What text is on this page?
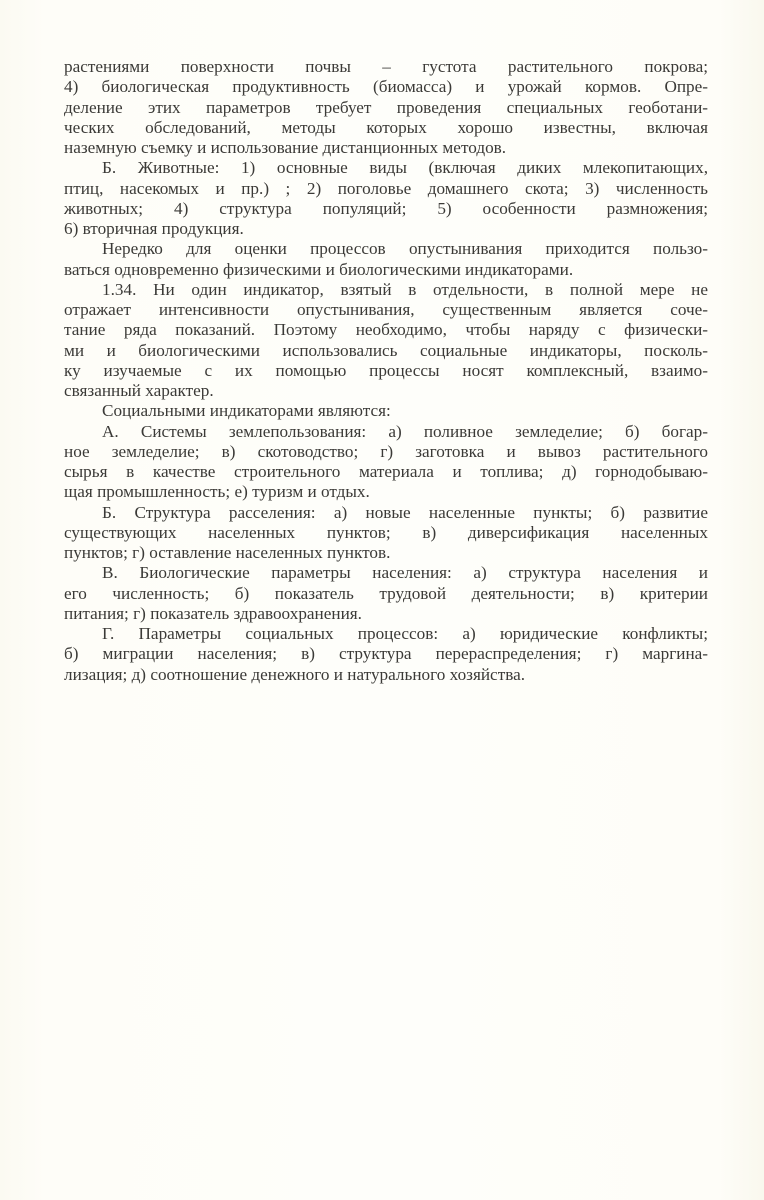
растениями поверхности почвы – густота растительного покрова;
4) биологическая продуктивность (биомасса) и урожай кормов. Опре-
деление этих параметров требует проведения специальных геоботани-
ческих обследований, методы которых хорошо известны, включая
наземную съемку и использование дистанционных методов.
Б. Животные: 1) основные виды (включая диких млекопитающих,
птиц, насекомых и пр.) ; 2) поголовье домашнего скота; 3) численность
животных; 4) структура популяций; 5) особенности размножения;
6) вторичная продукция.
Нередко для оценки процессов опустынивания приходится пользо-
ваться одновременно физическими и биологическими индикаторами.
1.34. Ни один индикатор, взятый в отдельности, в полной мере не
отражает интенсивности опустынивания, существенным является соче-
тание ряда показаний. Поэтому необходимо, чтобы наряду с физически-
ми и биологическими использовались социальные индикаторы, посколь-
ку изучаемые с их помощью процессы носят комплексный, взаимо-
связанный характер.
Социальными индикаторами являются:
А. Системы землепользования: а) поливное земледелие; б) богар-
ное земледелие; в) скотоводство; г) заготовка и вывоз растительного
сырья в качестве строительного материала и топлива; д) горнодобываю-
щая промышленность; е) туризм и отдых.
Б. Структура расселения: а) новые населенные пункты; б) развитие
существующих населенных пунктов; в) диверсификация населенных
пунктов; г) оставление населенных пунктов.
В. Биологические параметры населения: а) структура населения и
его численность; б) показатель трудовой деятельности; в) критерии
питания; г) показатель здравоохранения.
Г. Параметры социальных процессов: а) юридические конфликты;
б) миграции населения; в) структура перераспределения; г) маргина-
лизация; д) соотношение денежного и натурального хозяйства.
